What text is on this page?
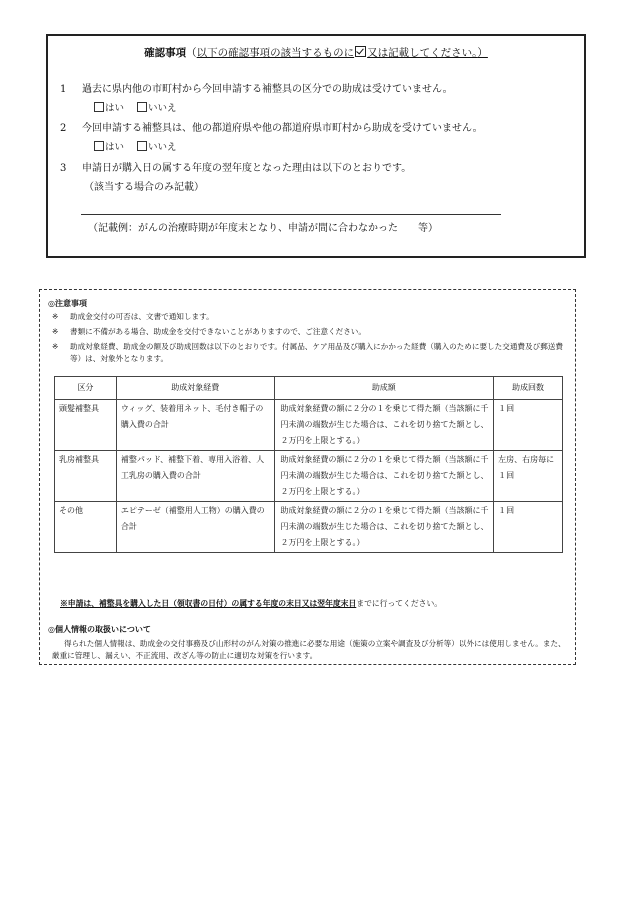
確認事項（以下の確認事項の該当するものに 又は記載してください。）
1 過去に県内他の市町村から今回申請する補整具の区分での助成は受けていません。
はい	いいえ
2 今回申請する補整具は、他の都道府県や他の都道府県市町村から助成を受けていません。
はい	いいえ
3 申請日が購入日の属する年度の翌年度となった理由は以下のとおりです。
（該当する場合のみ記載）
（記載例：がんの治療時期が年度末となり、申請が間に合わなかった　　等）
◎注意事項
※	助成金交付の可否は、文書で通知します。
※	書類に不備がある場合、助成金を交付できないことがありますので、ご注意ください。
※	助成対象経費、助成金の額及び助成回数は以下のとおりです。付属品、ケア用品及び購入にかかった経費（購入のために要した交通費及び郵送費等）は、対象外となります。
区分	助成対象経費	助成額	助成回数
頭髪補整具	ウィッグ、装着用ネット、毛付き帽子の購入費の合計	助成対象経費の額に２分の１を乗じて得た額（当該額に千円未満の端数が生じた場合は、これを切り捨てた額とし、２万円を上限とする。）	１回
乳房補整具	補整パッド、補整下着、専用入浴着、人工乳房の購入費の合計	助成対象経費の額に２分の１を乗じて得た額（当該額に千円未満の端数が生じた場合は、これを切り捨てた額とし、２万円を上限とする。）	左房、右房毎に１回
その他	エピテーゼ（補整用人工物）の購入費の合計	助成対象経費の額に２分の１を乗じて得た額（当該額に千円未満の端数が生じた場合は、これを切り捨てた額とし、２万円を上限とする。）	１回
※申請は、補整具を購入した日（領収書の日付）の属する年度の末日又は翌年度末日までに行ってください。
◎個人情報の取扱いについて
得られた個人情報は、助成金の交付事務及び山形村のがん対策の推進に必要な用途（施策の立案や調査及び分析等）以外には使用しません。また、厳重に管理し、漏えい、不正流用、改ざん等の防止に適切な対策を行います。
